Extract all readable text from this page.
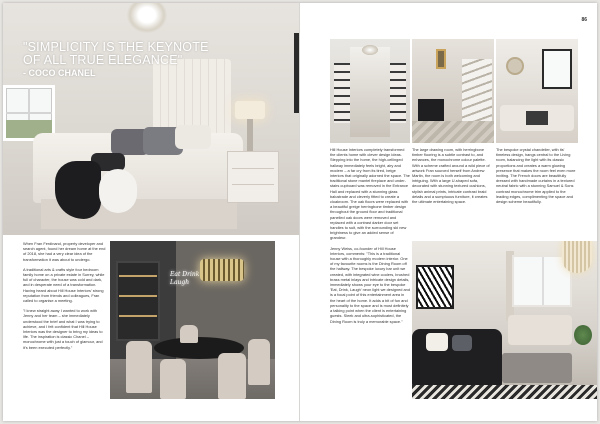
"SIMPLICITY IS THE KEYNOTE OF ALL TRUE ELEGANCE"
- COCO CHANEL

When Fran Ferdinand, property developer and search agent, found her dream home at the end of 2018, she had a very clear idea of the transformation it was about to undergo.

A traditional arts & crafts style four bedroom family home on a private estate in Surrey, while full of character, the house was cold and dark, and in desperate need of a transformation. Having heard about Hill House Interiors' strong reputation from friends and colleagues, Fran called to organise a meeting.

"I knew straight away I wanted to work with Jenny and her team – she immediately understood the brief and what I was trying to achieve, and I felt confident that Hill House Interiors was the designer to bring my ideas to life. The inspiration is classic Chanel – monochrome with just a touch of glamour, and it's been executed perfectly."

Eat Drink Laugh
86

Hill House Interiors completely transformed the clients home with clever design ideas. Stepping into the home, the high-cellinged hallway immediately feels bright, airy and modern – a far cry from its tired, beige interiors that originally adorned the space. The traditional stone mantel fireplace and under-stairs cupboard was removed in the Entrance Hall and replaced with a stunning glass balustrade and cleverly fitted to create a cloakroom. The oak floors were replaced with a beautiful greige herringbone timber design throughout the ground floor and traditional panelled oak doors were removed and replaced with a contrast darker door set handles to suit, with the surrounding ski new brightness to give an added sense of grandeur.

Jenny Weiss, co-founder of Hill House Interiors, comments: "This is a traditional house with a thoroughly modern interior. One of my favourite rooms is the Dining Room off the hallway. The bespoke luxury bar unit we created, with integrated wine coolers, brushed brass metal inlays and intricate design details, immediately shows your eye to the bespoke 'Eat, Drink, Laugh' neon light we designed and is a focal point of this entertainment area in the heart of the home. It adds a bit of fun and personality to the space and is most definitely a talking point when the client is entertaining guests. Sleek and ultra-sophisticated, the Dining Room is truly a memorable space."

The large drawing room, with herringbone timber flooring is a subtle contrast to, and enhances, the monochrome colour palette. With a scheme crafted around a wild piece of artwork Fran sourced herself from Andrew Martin, the room is both welcoming and intriguing. With a large U-shaped sofa, decorated with stunning textured cushions, stylish animal prints, intricate contrast braid details and a sumptuous furniture, it creates the ultimate entertaining space.

The bespoke crystal chandelier, with its' timeless design, hangs central to the Living room, balancing the light with its classic proportions and creates a warm glowing presence that makes the room feel even more inviting. The French doors are beautifully dressed with handmade curtains in a textured neutral fabric with a stunning Samuel & Sons contrast monochrome trim applied to the leading edges, complimenting the space and design scheme beautifully.
